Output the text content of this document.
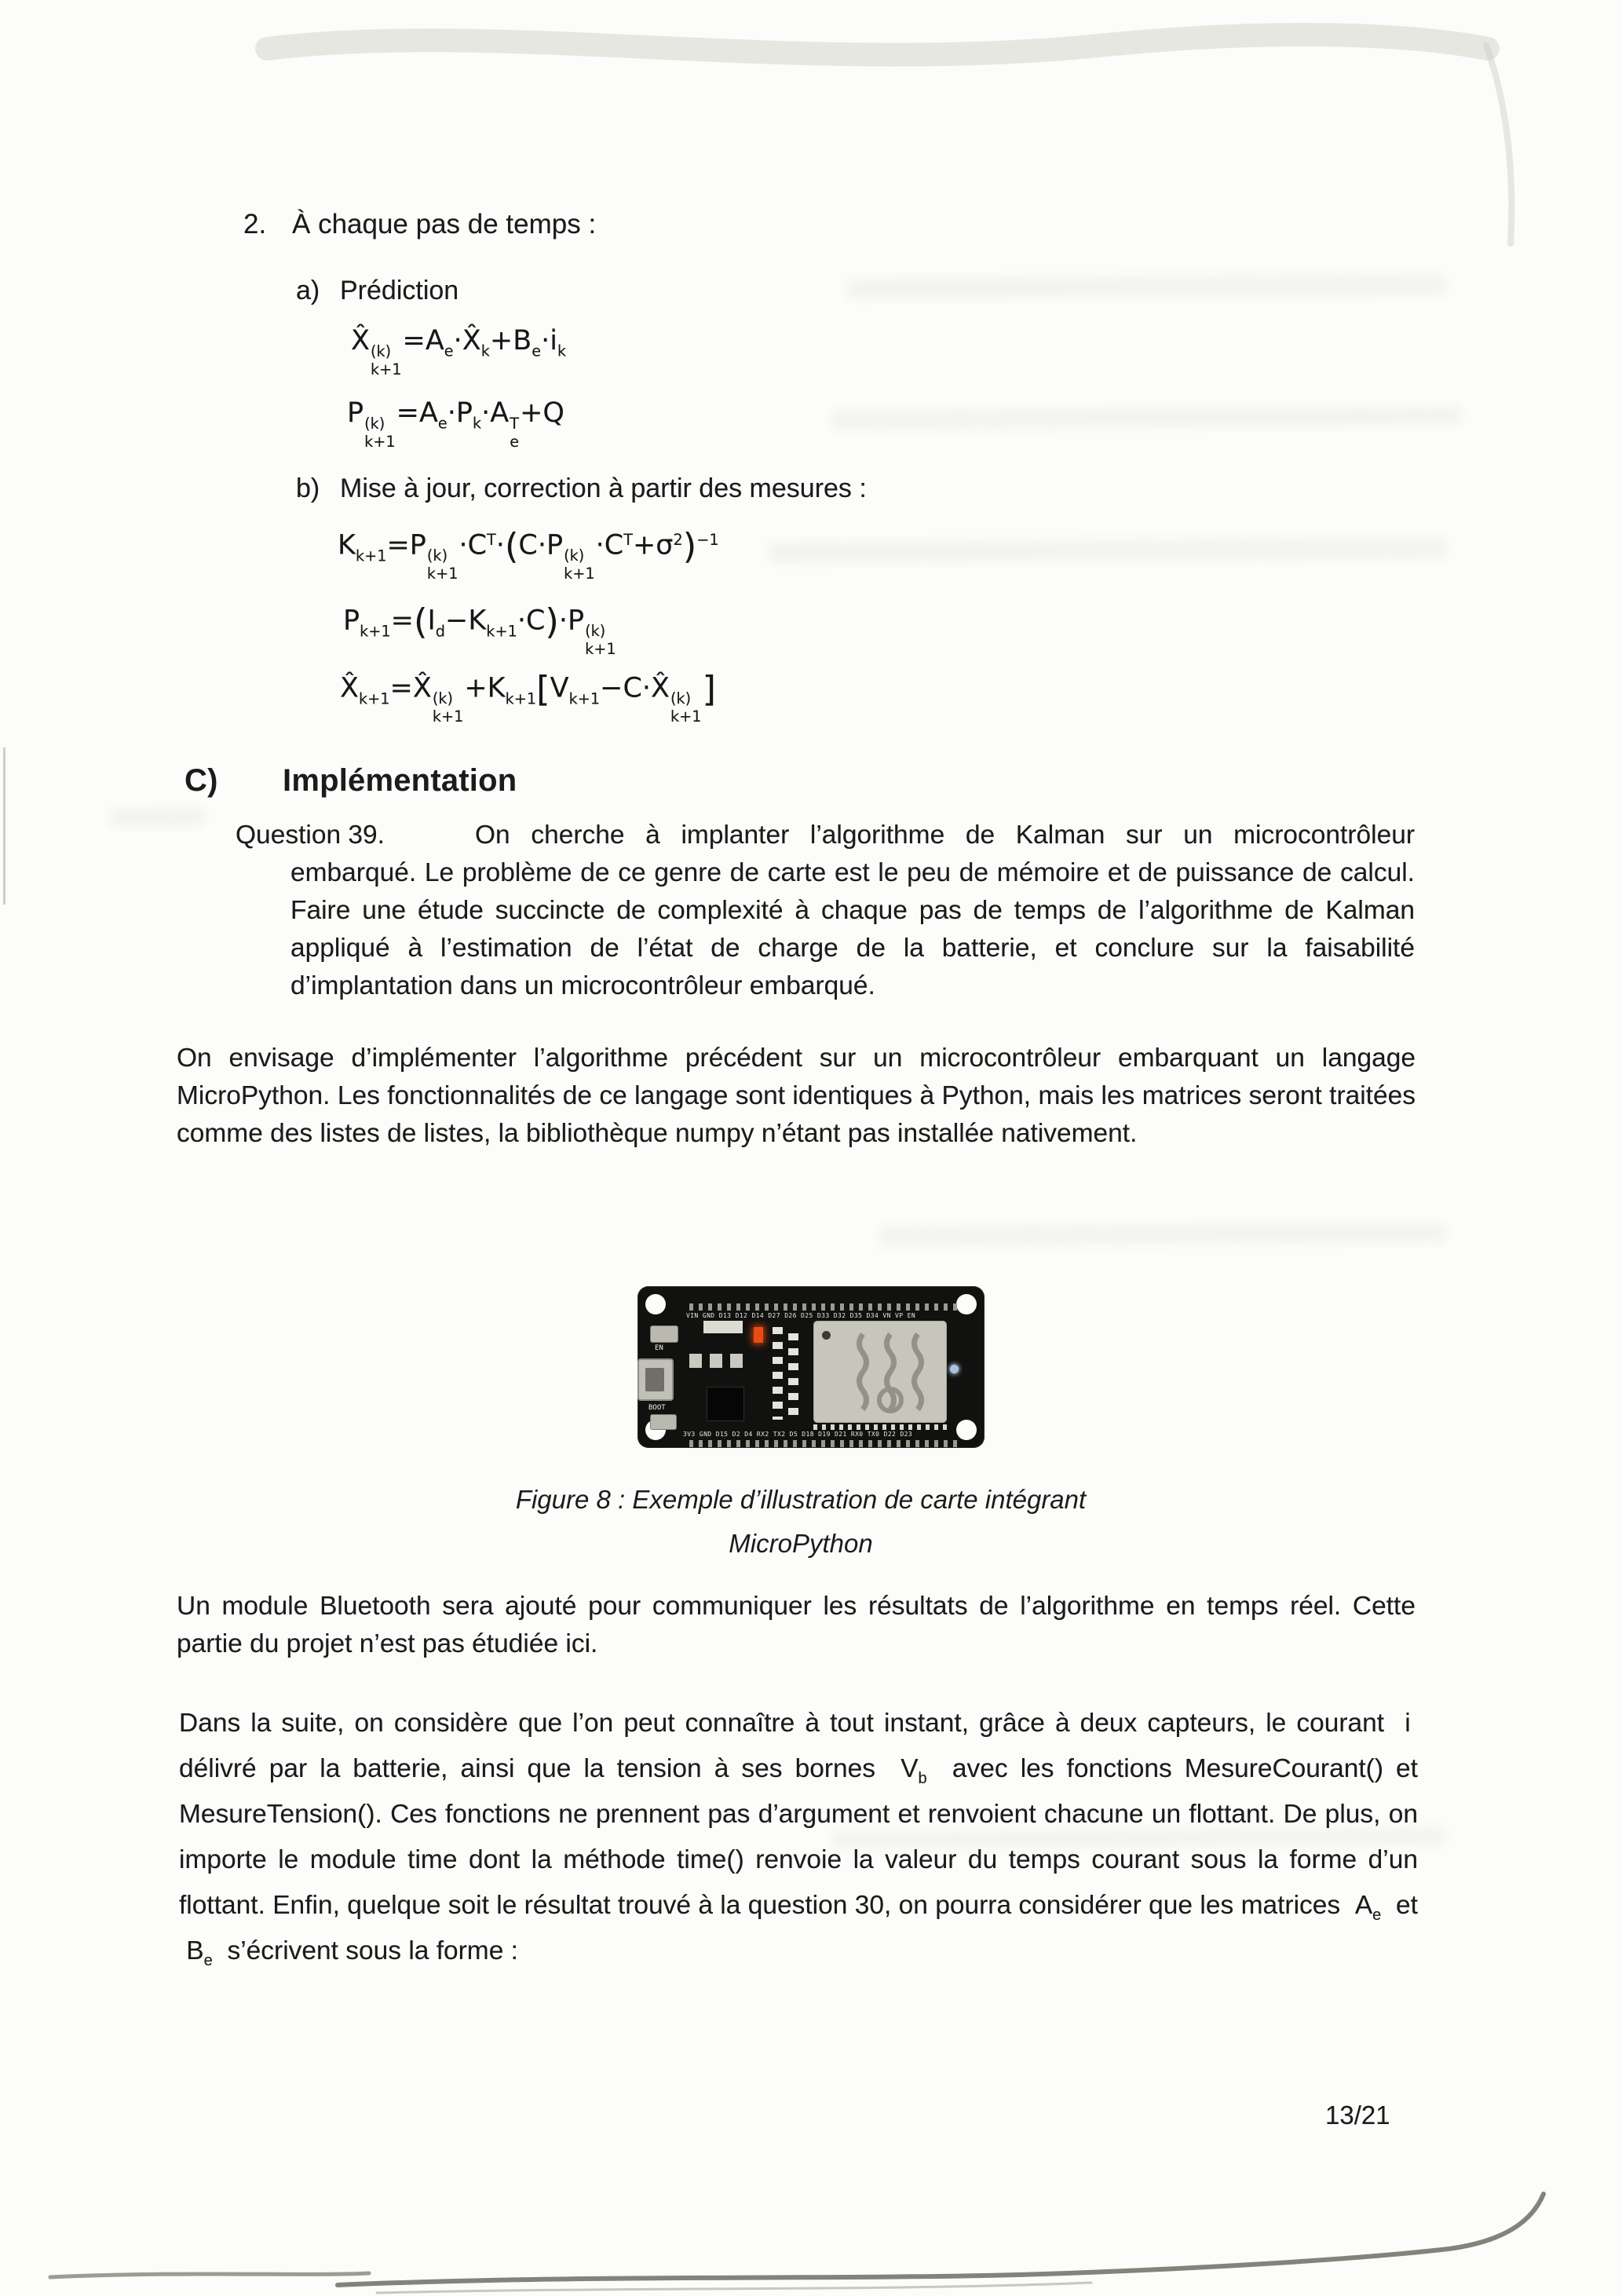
2. À chaque pas de temps :
a) Prédiction
X̂ (k)
k+1
$=A_e\cdot X̂_k+B_e\cdot i_k$
P (k)
k+1
$=A_e\cdot P_k\cdot A$ T
e
+Q
b) Mise à jour, correction à partir des mesures :
$K_{k+1}=P$ (k)
k+1
$\cdot C^T\cdot(C\cdot P$ (k)
k+1
$\cdot C^T+\sigma^2)^{-1}$
$P_{k+1}=(I_d-K_{k+1}\cdot C)\cdot P$ (k)
k+1
$X̂_{k+1}=X̂$ (k)
k+1
$+K_{k+1}[V_{k+1}-C\cdot X̂$ (k)
k+1
]
C) Implémentation
Question 39.	On cherche à implanter l’algorithme de Kalman sur un microcontrôleur embarqué. Le problème de ce genre de carte est le peu de mémoire et de puissance de calcul. Faire une étude succincte de complexité à chaque pas de temps de l’algorithme de Kalman appliqué à l’estimation de l’état de charge de la batterie, et conclure sur la faisabilité d’implantation dans un microcontrôleur embarqué.
On envisage d’implémenter l’algorithme précédent sur un microcontrôleur embarquant un langage MicroPython. Les fonctionnalités de ce langage sont identiques à Python, mais les matrices seront traitées comme des listes de listes, la bibliothèque numpy n’étant pas installée nativement.
VIN GND D13 D12 D14 D27 D26 D25 D33 D32 D35 D34 VN VP EN
EN
BOOT
3V3 GND D15 D2 D4 RX2 TX2 D5 D18 D19 D21 RX0 TX0 D22 D23
Figure 8 : Exemple d’illustration de carte intégrant
MicroPython
Un module Bluetooth sera ajouté pour communiquer les résultats de l’algorithme en temps réel. Cette partie du projet n’est pas étudiée ici.
Dans la suite, on considère que l’on peut connaître à tout instant, grâce à deux capteurs, le courant  i  délivré par la batterie, ainsi que la tension à ses bornes  $V_b$  avec les fonctions MesureCourant() et MesureTension(). Ces fonctions ne prennent pas d’argument et renvoient chacune un flottant. De plus, on importe le module time dont la méthode time() renvoie la valeur du temps courant sous la forme d’un flottant. Enfin, quelque soit le résultat trouvé à la question 30, on pourra considérer que les matrices  $A_e$  et  $B_e$  s’écrivent sous la forme :
13/21
